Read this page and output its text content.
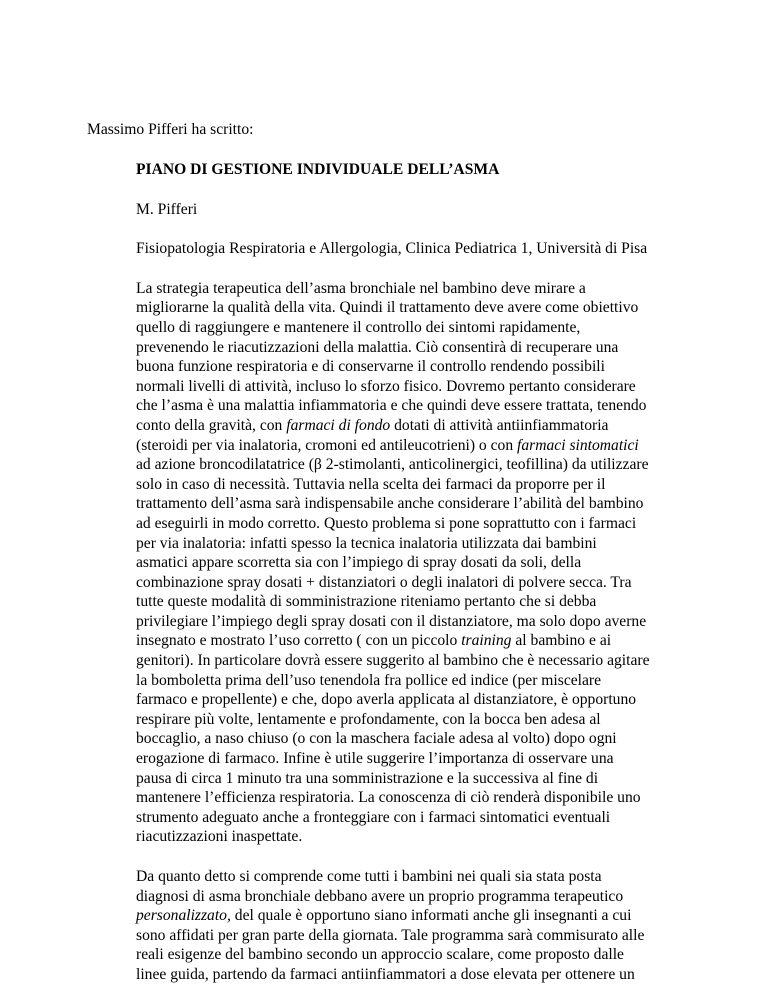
Massimo Pifferi ha scritto:

PIANO DI GESTIONE INDIVIDUALE DELL’ASMA

M. Pifferi

Fisiopatologia Respiratoria e Allergologia, Clinica Pediatrica 1, Università di Pisa

La strategia terapeutica dell’asma bronchiale nel bambino deve mirare a
migliorarne la qualità della vita. Quindi il trattamento deve avere come obiettivo
quello di raggiungere e mantenere il controllo dei sintomi rapidamente,
prevenendo le riacutizzazioni della malattia. Ciò consentirà di recuperare una
buona funzione respiratoria e di conservarne il controllo rendendo possibili
normali livelli di attività, incluso lo sforzo fisico. Dovremo pertanto considerare
che l’asma è una malattia infiammatoria e che quindi deve essere trattata, tenendo
conto della gravità, con farmaci di fondo dotati di attività antiinfiammatoria
(steroidi per via inalatoria, cromoni ed antileucotrieni) o con farmaci sintomatici
ad azione broncodilatatrice (β 2-stimolanti, anticolinergici, teofillina) da utilizzare
solo in caso di necessità. Tuttavia nella scelta dei farmaci da proporre per il
trattamento dell’asma sarà indispensabile anche considerare l’abilità del bambino
ad eseguirli in modo corretto. Questo problema si pone soprattutto con i farmaci
per via inalatoria: infatti spesso la tecnica inalatoria utilizzata dai bambini
asmatici appare scorretta sia con l’impiego di spray dosati da soli, della
combinazione spray dosati + distanziatori o degli inalatori di polvere secca. Tra
tutte queste modalità di somministrazione riteniamo pertanto che si debba
privilegiare l’impiego degli spray dosati con il distanziatore, ma solo dopo averne
insegnato e mostrato l’uso corretto ( con un piccolo training al bambino e ai
genitori). In particolare dovrà essere suggerito al bambino che è necessario agitare
la bomboletta prima dell’uso tenendola fra pollice ed indice (per miscelare
farmaco e propellente) e che, dopo averla applicata al distanziatore, è opportuno
respirare più volte, lentamente e profondamente, con la bocca ben adesa al
boccaglio, a naso chiuso (o con la maschera faciale adesa al volto) dopo ogni
erogazione di farmaco. Infine è utile suggerire l’importanza di osservare una
pausa di circa 1 minuto tra una somministrazione e la successiva al fine di
mantenere l’efficienza respiratoria. La conoscenza di ciò renderà disponibile uno
strumento adeguato anche a fronteggiare con i farmaci sintomatici eventuali
riacutizzazioni inaspettate.

Da quanto detto si comprende come tutti i bambini nei quali sia stata posta
diagnosi di asma bronchiale debbano avere un proprio programma terapeutico
personalizzato, del quale è opportuno siano informati anche gli insegnanti a cui
sono affidati per gran parte della giornata. Tale programma sarà commisurato alle
reali esigenze del bambino secondo un approccio scalare, come proposto dalle
linee guida, partendo da farmaci antiinfiammatori a dose elevata per ottenere un
